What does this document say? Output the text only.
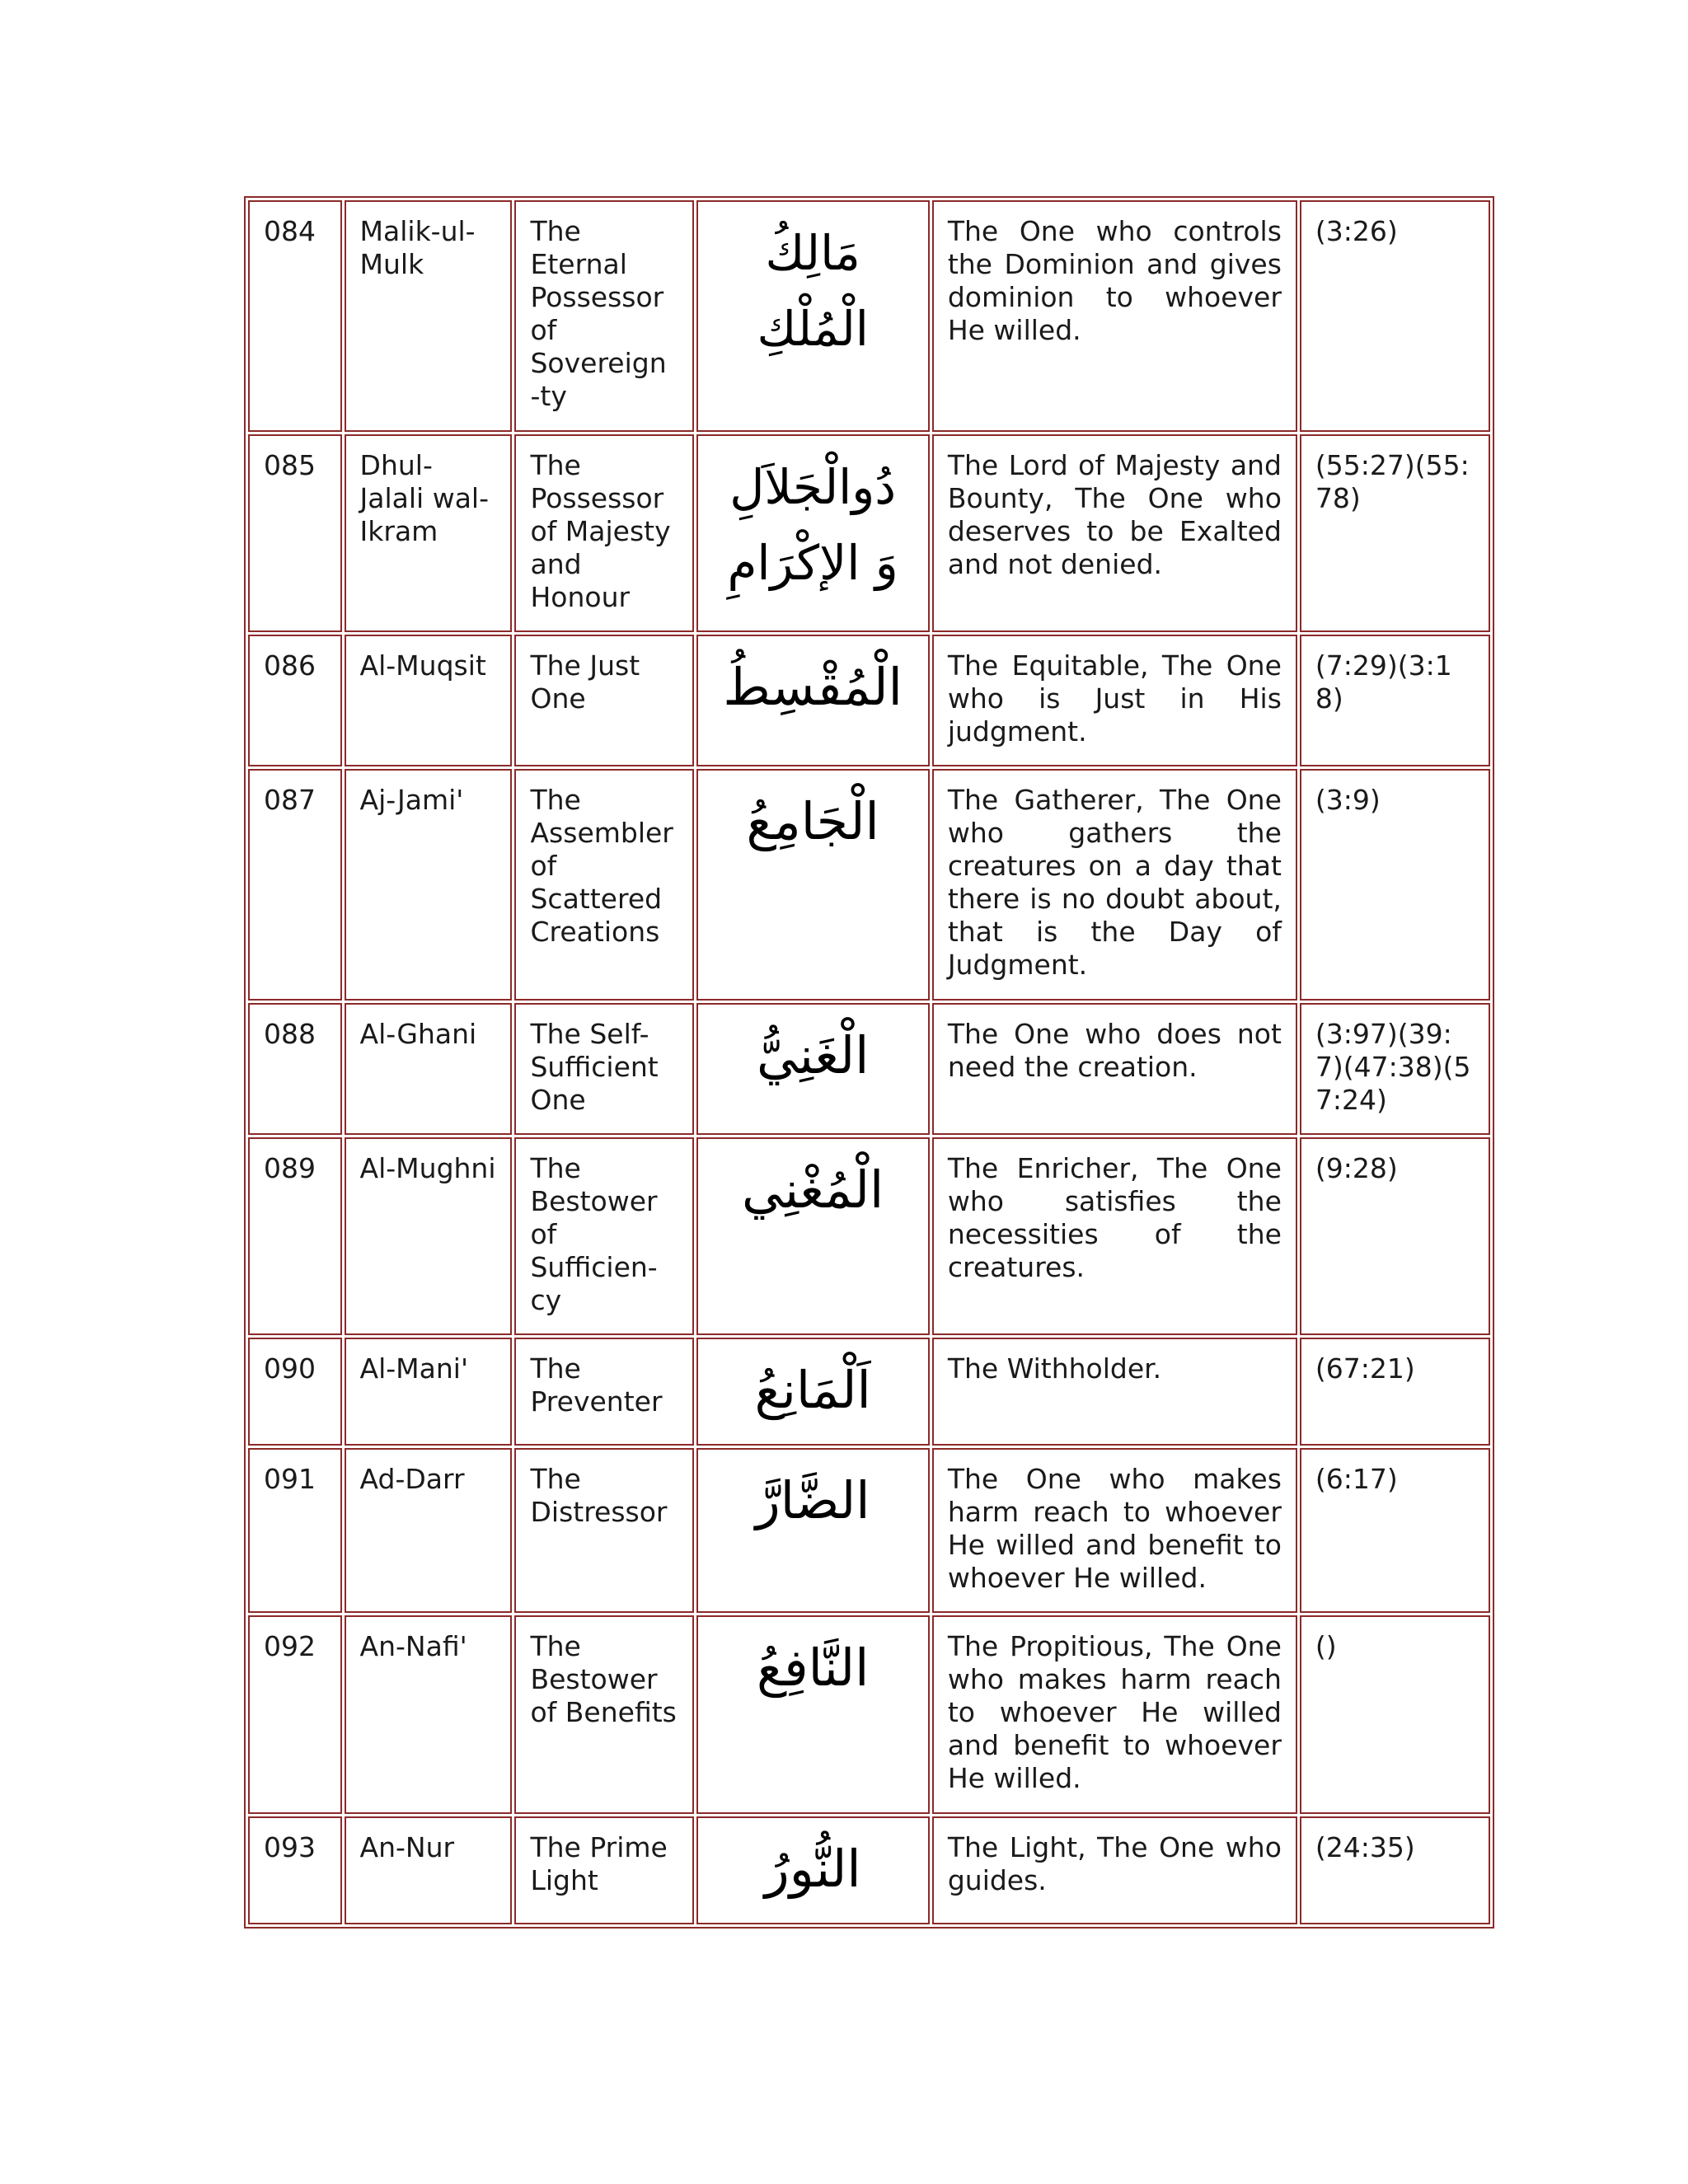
084	Malik-ul-Mulk	The Eternal Possessor of Sovereign -ty	مَالِكُ الْمُلْكِ	The One who controls the Dominion and gives dominion to whoever He willed.	(3:26)
085	Dhul-Jalali wal-Ikram	The Possessor of Majesty and Honour	دُوالْجَلاَلِ وَ الإكْرَامِ	The Lord of Majesty and Bounty, The One who deserves to be Exalted and not denied.	(55:27)(55:78)
086	Al-Muqsit	The Just One	الْمُقْسِطُ	The Equitable, The One who is Just in His judgment.	(7:29)(3:18)
087	Aj-Jami'	The Assembler of Scattered Creations	الْجَامِعُ	The Gatherer, The One who gathers the creatures on a day that there is no doubt about, that is the Day of Judgment.	(3:9)
088	Al-Ghani	The Self-Sufficient One	الْغَنِيُّ	The One who does not need the creation.	(3:97)(39:7)(47:38)(57:24)
089	Al-Mughni	The Bestower of Sufficien-cy	الْمُغْنِي	The Enricher, The One who satisfies the necessities of the creatures.	(9:28)
090	Al-Mani'	The Preventer	اَلْمَانِعُ	The Withholder.	(67:21)
091	Ad-Darr	The Distressor	الضَّارَّ	The One who makes harm reach to whoever He willed and benefit to whoever He willed.	(6:17)
092	An-Nafi'	The Bestower of Benefits	النَّافِعُ	The Propitious, The One who makes harm reach to whoever He willed and benefit to whoever He willed.	()
093	An-Nur	The Prime Light	النُّورُ	The Light, The One who guides.	(24:35)
